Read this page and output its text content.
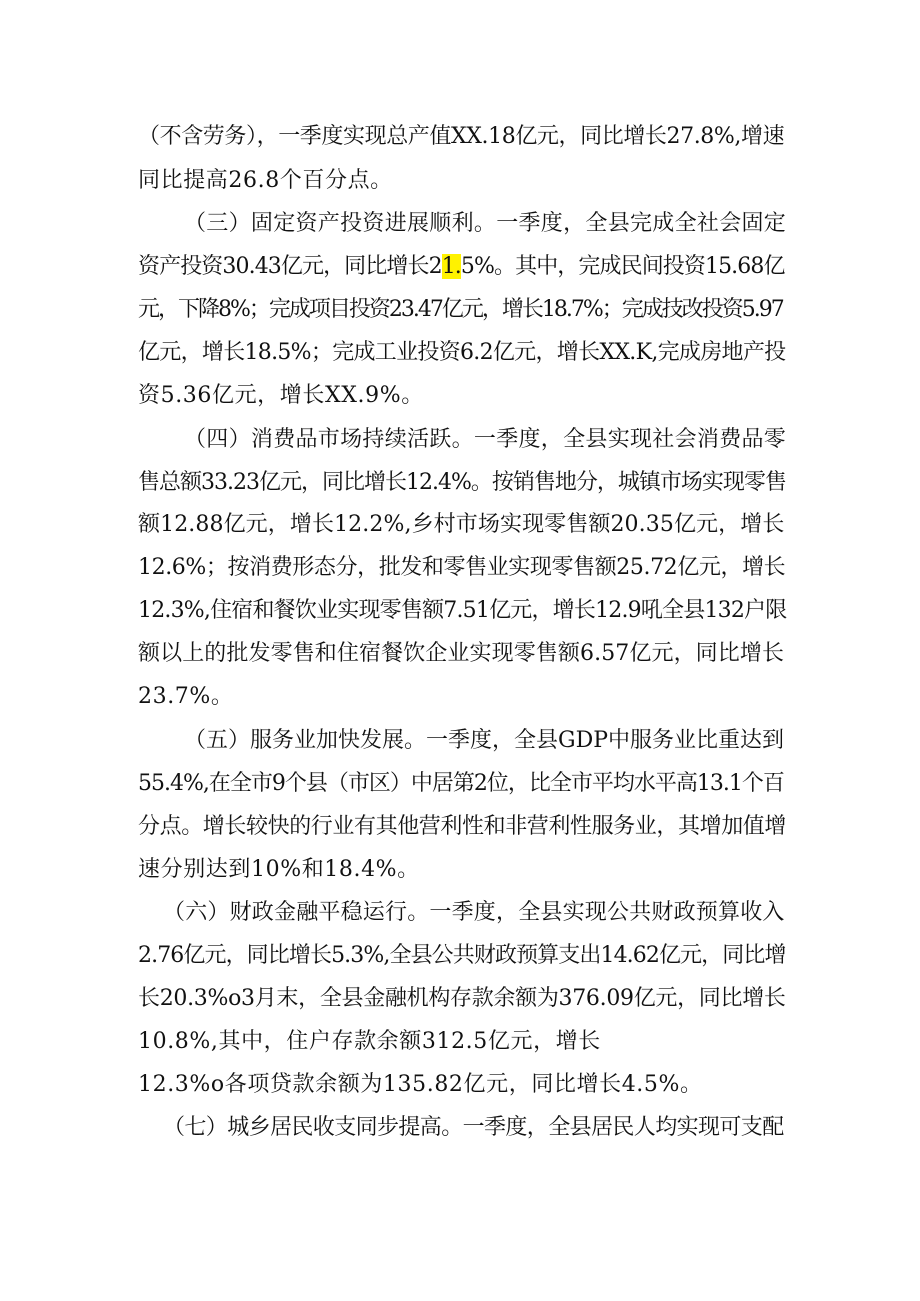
（不含劳务），一季度实现总产值XX.18亿元，同比增长27.8%,增速
同比提高26.8个百分点。
（三）固定资产投资进展顺利。一季度，全县完成全社会固定
资产投资30.43亿元，同比增长21.5%。其中，完成民间投资15.68亿
元，下降8%；完成项目投资23.47亿元，增长18.7%；完成技改投资5.97
亿元，增长18.5%；完成工业投资6.2亿元，增长XX.K,完成房地产投
资5.36亿元，增长XX.9%。
（四）消费品市场持续活跃。一季度，全县实现社会消费品零
售总额33.23亿元，同比增长12.4%。按销售地分，城镇市场实现零售
额12.88亿元，增长12.2%,乡村市场实现零售额20.35亿元，增长
12.6%；按消费形态分，批发和零售业实现零售额25.72亿元，增长
12.3%,住宿和餐饮业实现零售额7.51亿元，增长12.9吼全县132户限
额以上的批发零售和住宿餐饮企业实现零售额6.57亿元，同比增长
23.7%。
（五）服务业加快发展。一季度，全县GDP中服务业比重达到
55.4%,在全市9个县（市区）中居第2位，比全市平均水平高13.1个百
分点。增长较快的行业有其他营利性和非营利性服务业，其增加值增
速分别达到10%和18.4%。
（六）财政金融平稳运行。一季度，全县实现公共财政预算收入
2.76亿元，同比增长5.3%,全县公共财政预算支出14.62亿元，同比增
长20.3%o3月末，全县金融机构存款余额为376.09亿元，同比增长
10.8%,其中，住户存款余额312.5亿元，增长
12.3%o各项贷款余额为135.82亿元，同比增长4.5%。
（七）城乡居民收支同步提高。一季度，全县居民人均实现可支配
